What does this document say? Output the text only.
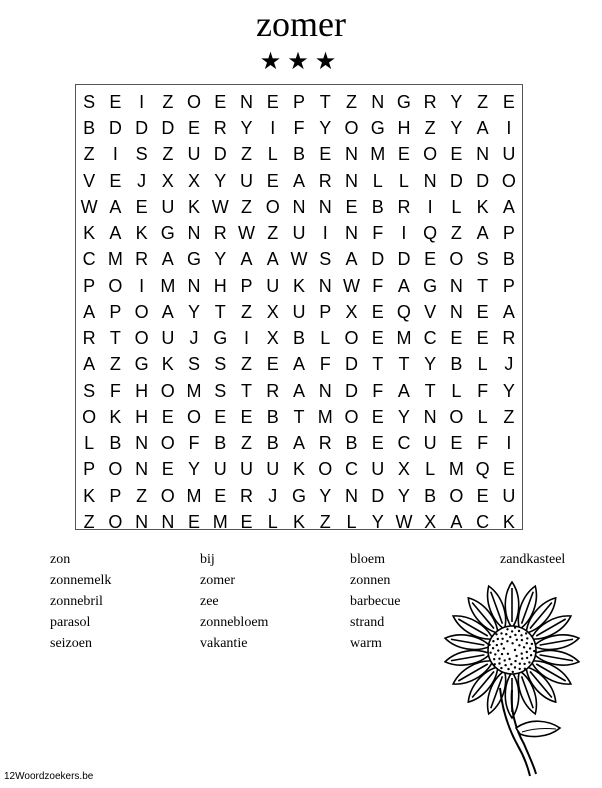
zomer
★★★
S E I	Z O E N E P T Z N G R Y Z E
B D D D E R Y I	F Y O G H Z Y A I
Z	I S Z U D Z L B E N M E O E N U
V E J X X Y U E A R N L L N D D O
W A E U K W Z O N N E B R I	L K A
K A K G N R W Z U I N F	I Q Z A P
C M R A G Y A A W S A D D E O S B
P O I M N H P U K N W F A G N T P
A P O A Y T Z X U P X E Q V N E A
R T O U J G I X B L O E M C E E R
A Z G K S S Z E A F D T T Y B L J
S F H O M S T R A N D F A T L F Y
O K H E O E E B T M O E Y N O L Z
L B N O F B Z B A R B E C U E F	I
P O N E Y U U U K O C U X L M Q E
K P Z O M E R J G Y N D Y B O E U
Z O N N E M E L K Z L Y W X A C K
zon
zonnemelk
zonnebril
parasol
seizoen
bij
zomer
zee
zonnebloem
vakantie
bloem
zonnen
barbecue
strand
warm
zandkasteel
12Woordzoekers.be
